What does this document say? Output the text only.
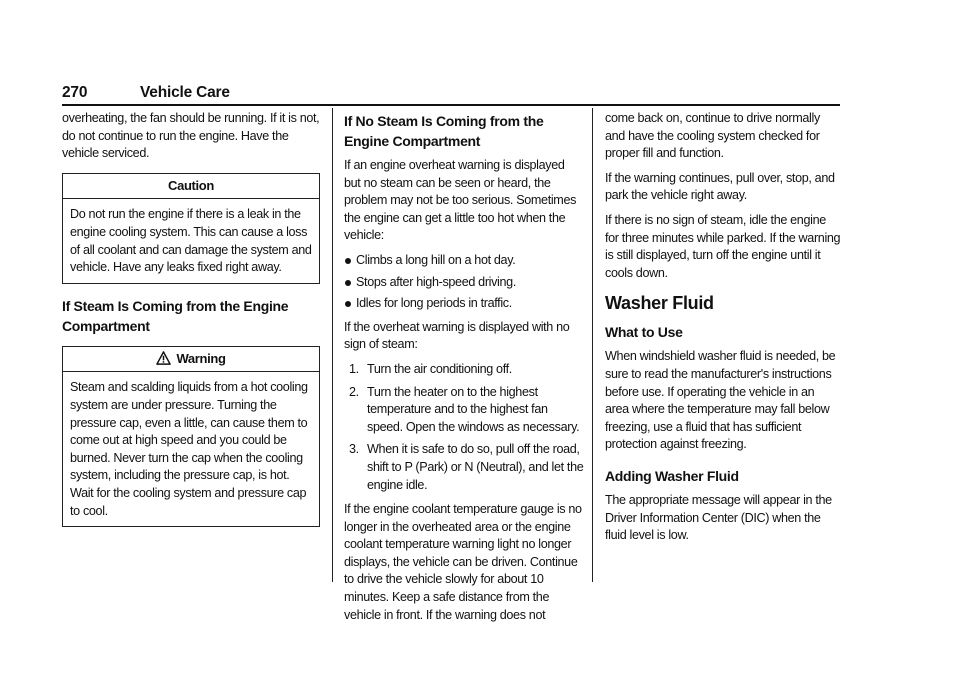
270	Vehicle Care

overheating, the fan should be running. If it is not, do not continue to run the engine. Have the vehicle serviced.

Caution
Do not run the engine if there is a leak in the engine cooling system. This can cause a loss of all coolant and can damage the system and vehicle. Have any leaks fixed right away.
If Steam Is Coming from the Engine Compartment
Warning
Steam and scalding liquids from a hot cooling system are under pressure. Turning the pressure cap, even a little, can cause them to come out at high speed and you could be burned. Never turn the cap when the cooling system, including the pressure cap, is hot. Wait for the cooling system and pressure cap to cool.
If No Steam Is Coming from the Engine Compartment

If an engine overheat warning is displayed but no steam can be seen or heard, the problem may not be too serious. Sometimes the engine can get a little too hot when the vehicle:

Climbs a long hill on a hot day.
Stops after high-speed driving.
Idles for long periods in traffic.

If the overheat warning is displayed with no sign of steam:

1. Turn the air conditioning off.
2. Turn the heater on to the highest temperature and to the highest fan speed. Open the windows as necessary.
3. When it is safe to do so, pull off the road, shift to P (Park) or N (Neutral), and let the engine idle.

If the engine coolant temperature gauge is no longer in the overheated area or the engine coolant temperature warning light no longer displays, the vehicle can be driven. Continue to drive the vehicle slowly for about 10 minutes. Keep a safe distance from the vehicle in front. If the warning does not

come back on, continue to drive normally and have the cooling system checked for proper fill and function.

If the warning continues, pull over, stop, and park the vehicle right away.

If there is no sign of steam, idle the engine for three minutes while parked. If the warning is still displayed, turn off the engine until it cools down.

Washer Fluid
What to Use

When windshield washer fluid is needed, be sure to read the manufacturer's instructions before use. If operating the vehicle in an area where the temperature may fall below freezing, use a fluid that has sufficient protection against freezing.

Adding Washer Fluid

The appropriate message will appear in the Driver Information Center (DIC) when the fluid level is low.
